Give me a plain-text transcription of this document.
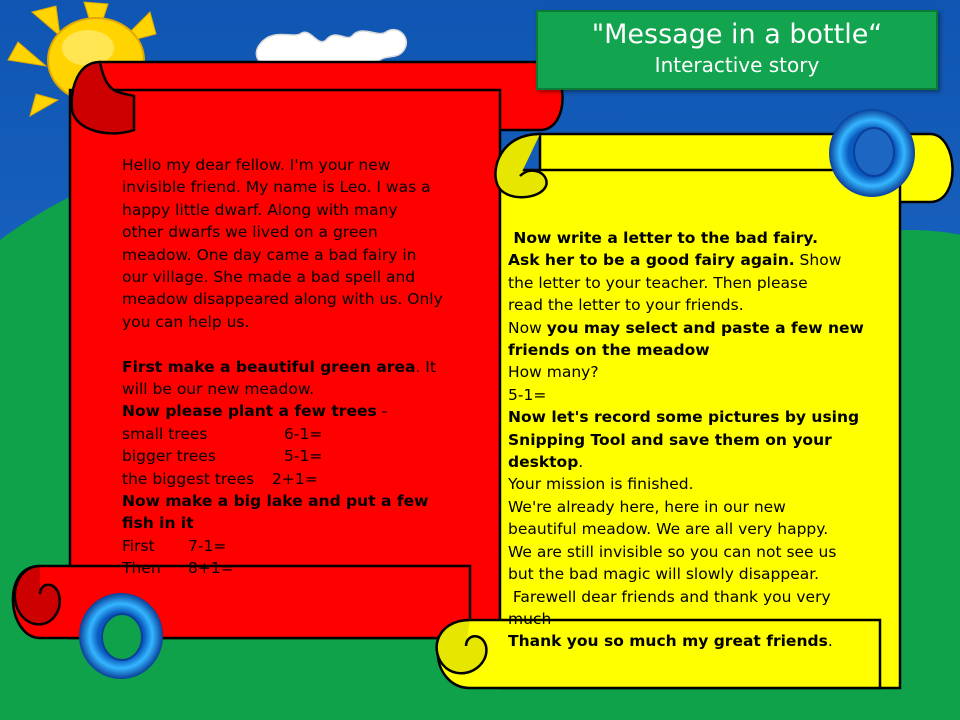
"Message in a bottle“
Interactive story
Hello my dear fellow. I'm your new
invisible friend. My name is Leo. I was a
happy little dwarf. Along with many
other dwarfs we lived on a green
meadow. One day came a bad fairy in
our village. She made a bad spell and
meadow disappeared along with us. Only
you can help us.
First make a beautiful green area. It
will be our new meadow.
Now please plant a few trees -
small trees	6-1=
bigger trees	5-1=
the biggest trees 2+1=
Now make a big lake and put a few
fish in it
First 7-1=
Then 8+1=
Now write a letter to the bad fairy.
Ask her to be a good fairy again. Show
the letter to your teacher. Then please
read the letter to your friends.
Now you may select and paste a few new
friends on the meadow
How many?
5-1=
Now let's record some pictures by using
Snipping Tool and save them on your
desktop.
Your mission is finished.
We're already here, here in our new
beautiful meadow. We are all very happy.
We are still invisible so you can not see us
but the bad magic will slowly disappear.
Farewell dear friends and thank you very
much
Thank you so much my great friends.
